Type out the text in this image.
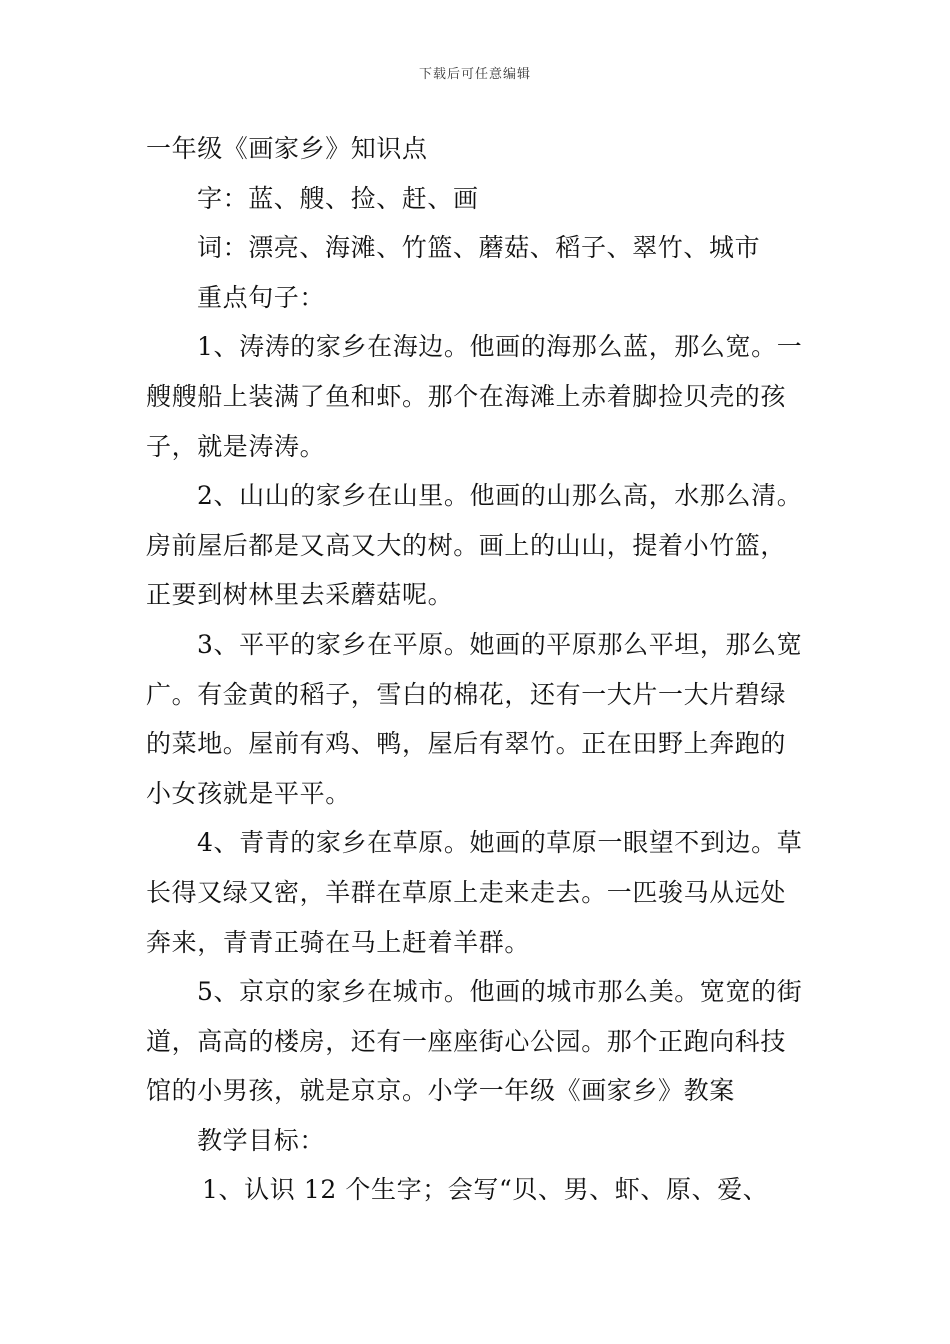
下载后可任意编辑
一年级《画家乡》知识点
字：蓝、艘、捡、赶、画
词：漂亮、海滩、竹篮、蘑菇、稻子、翠竹、城市
重点句子：
1、涛涛的家乡在海边。他画的海那么蓝，那么宽。一
艘艘船上装满了鱼和虾。那个在海滩上赤着脚捡贝壳的孩
子，就是涛涛。
2、山山的家乡在山里。他画的山那么高，水那么清。
房前屋后都是又高又大的树。画上的山山，提着小竹篮，
正要到树林里去采蘑菇呢。
3、平平的家乡在平原。她画的平原那么平坦，那么宽
广。有金黄的稻子，雪白的棉花，还有一大片一大片碧绿
的菜地。屋前有鸡、鸭，屋后有翠竹。正在田野上奔跑的
小女孩就是平平。
4、青青的家乡在草原。她画的草原一眼望不到边。草
长得又绿又密，羊群在草原上走来走去。一匹骏马从远处
奔来，青青正骑在马上赶着羊群。
5、京京的家乡在城市。他画的城市那么美。宽宽的街
道，高高的楼房，还有一座座街心公园。那个正跑向科技
馆的小男孩，就是京京。小学一年级《画家乡》教案
教学目标：
1、认识 12 个生字；会写“贝、男、虾、原、爱、
